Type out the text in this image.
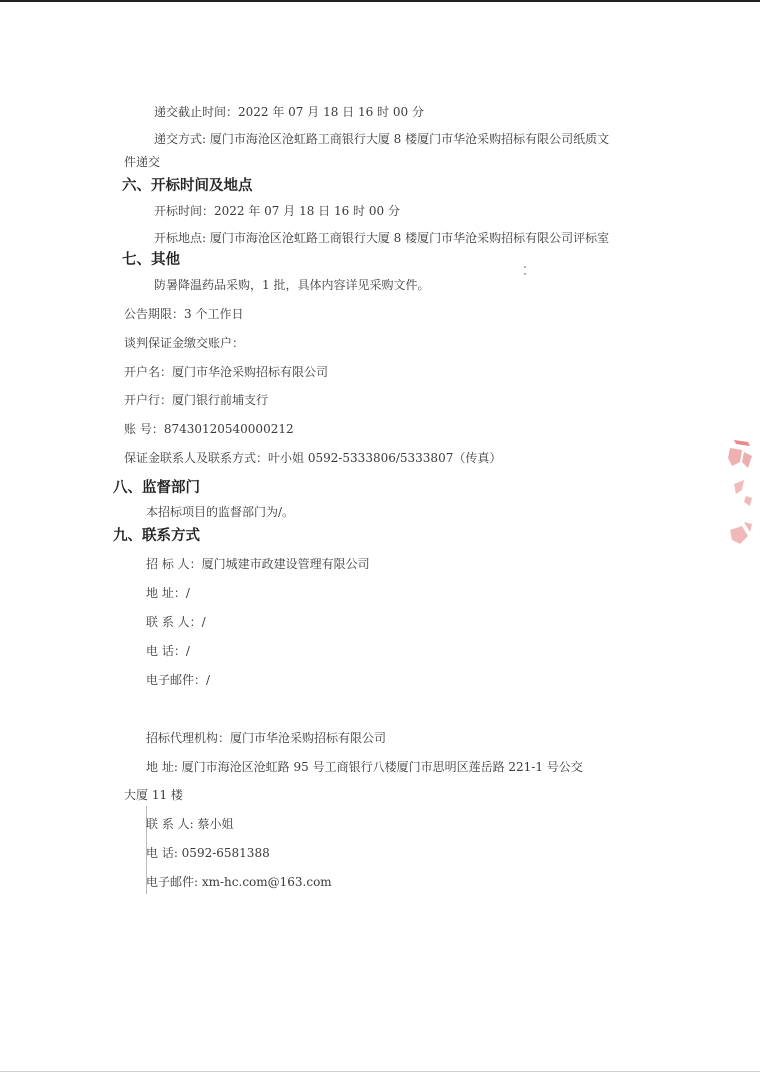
递交截止时间：2022 年 07 月 18 日 16 时 00 分
递交方式: 厦门市海沧区沧虹路工商银行大厦 8 楼厦门市华沧采购招标有限公司纸质文
件递交
六、开标时间及地点
开标时间：2022 年 07 月 18 日 16 时 00 分
开标地点: 厦门市海沧区沧虹路工商银行大厦 8 楼厦门市华沧采购招标有限公司评标室
七、其他
防暑降温药品采购，1 批，具体内容详见采购文件。
公告期限：3 个工作日
谈判保证金缴交账户：
开户名：厦门市华沧采购招标有限公司
开户行：厦门银行前埔支行
账 号：87430120540000212
保证金联系人及联系方式：叶小姐 0592-5333806/5333807（传真）
八、监督部门
本招标项目的监督部门为/。
九、联系方式
招 标 人：厦门城建市政建设管理有限公司
地 址：/
联 系 人：/
电 话：/
电子邮件：/
招标代理机构：厦门市华沧采购招标有限公司
地 址: 厦门市海沧区沧虹路 95 号工商银行八楼厦门市思明区莲岳路 221-1 号公交
大厦 11 楼
联 系 人: 蔡小姐
电 话: 0592-6581388
电子邮件: xm-hc.com@163.com
